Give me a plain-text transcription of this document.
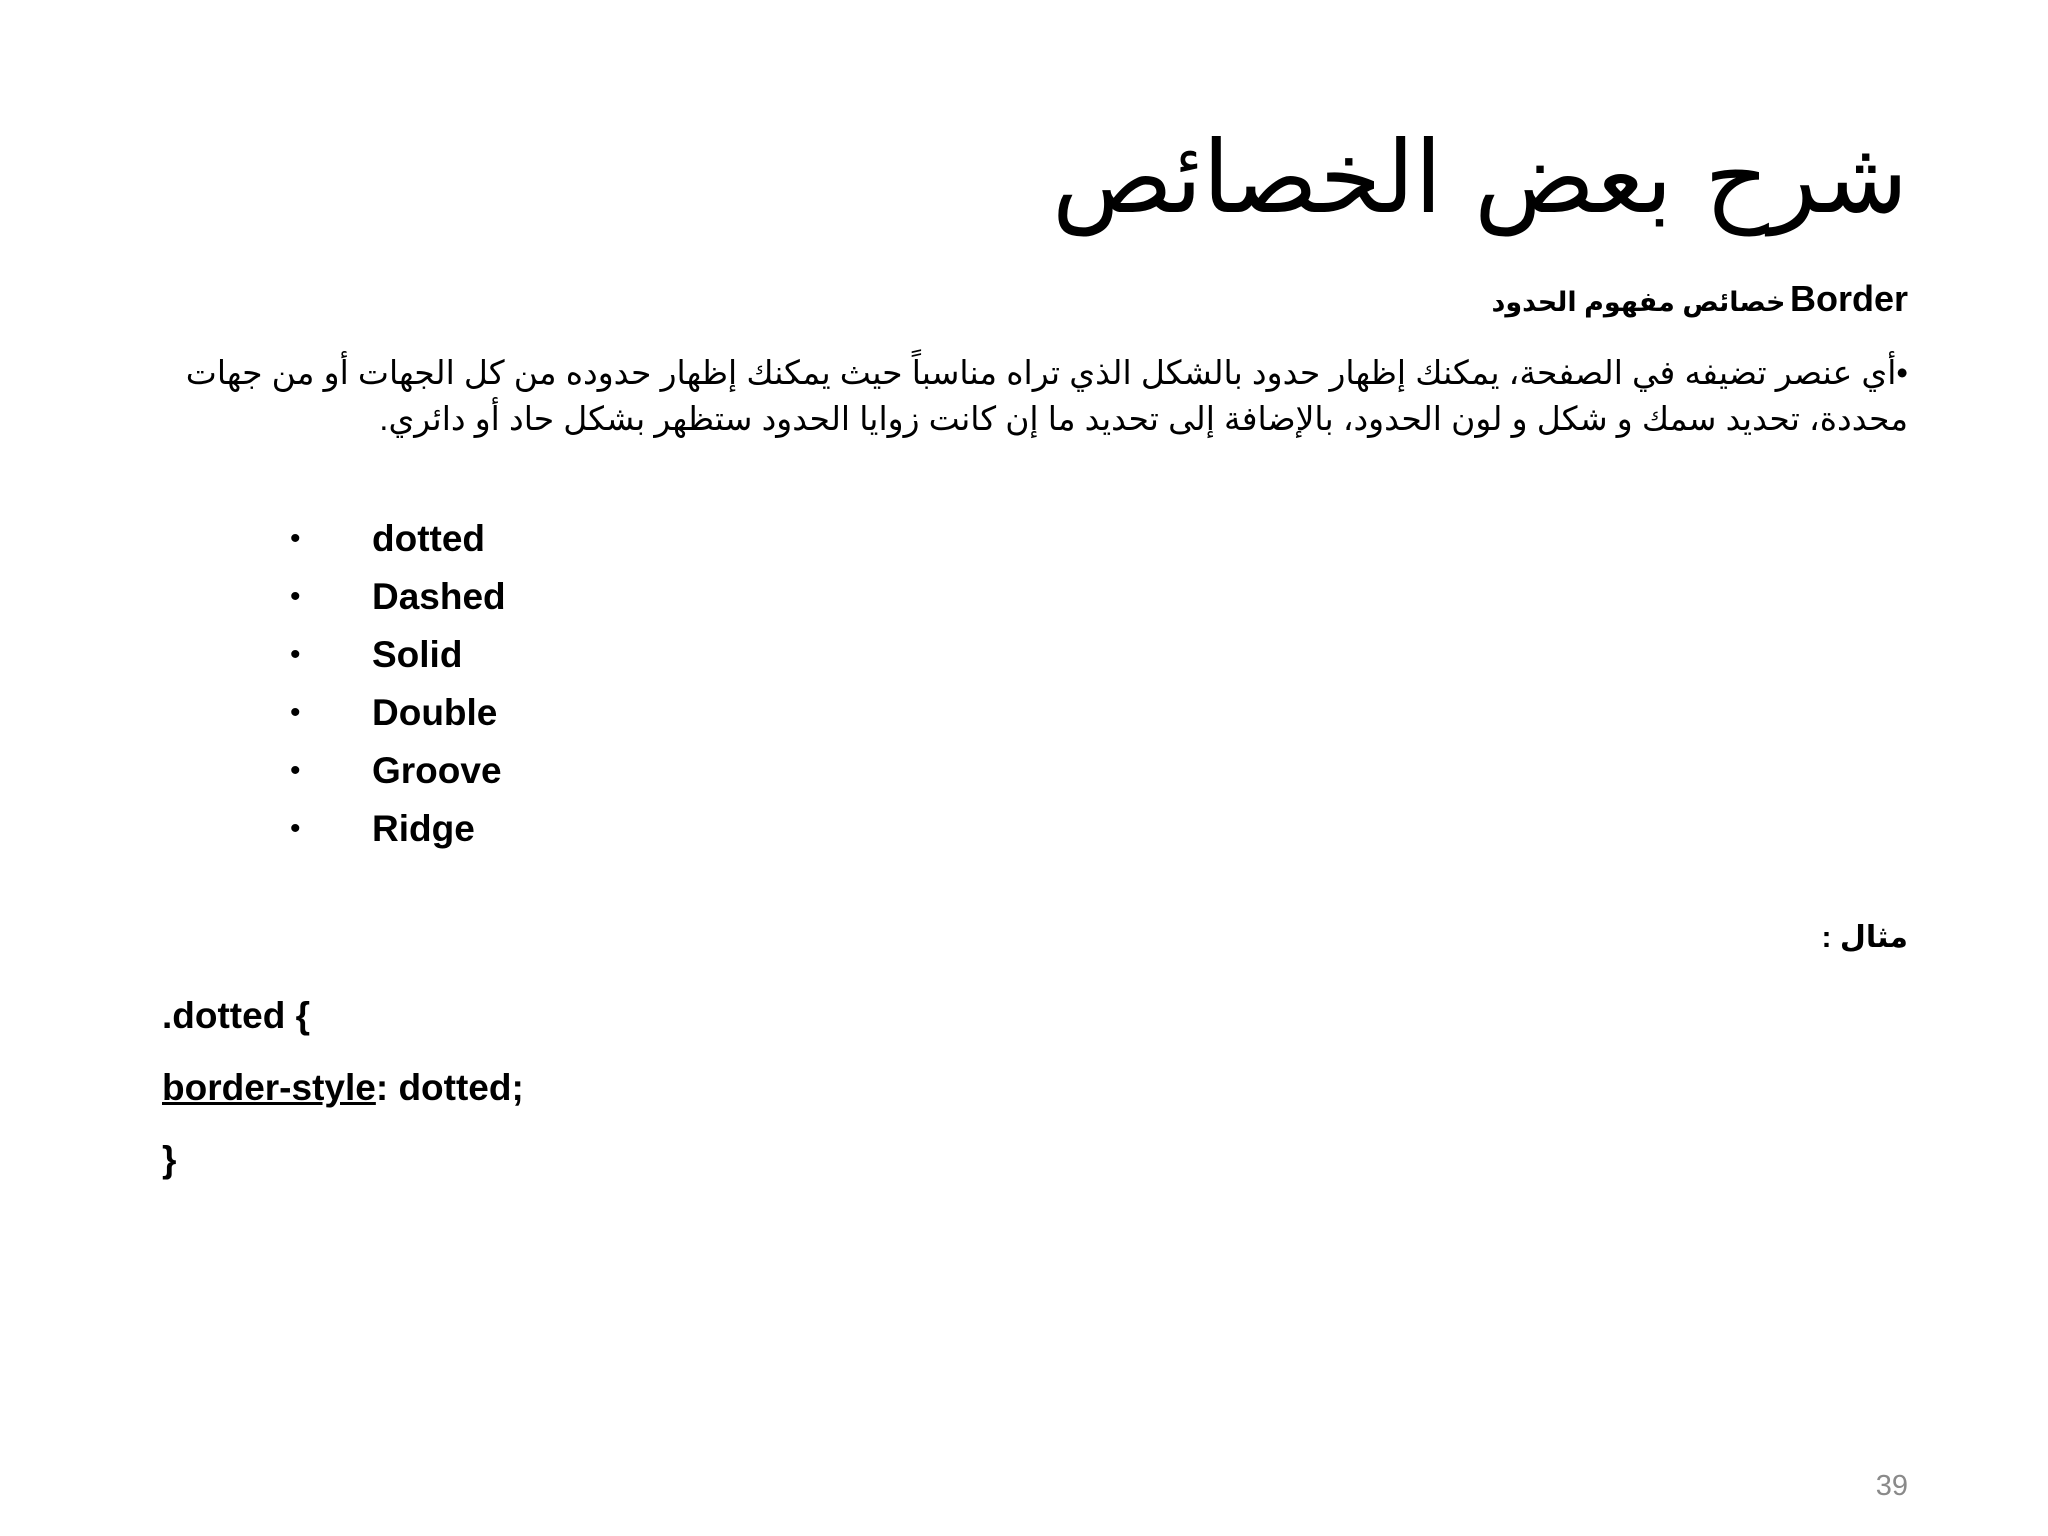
شرح بعض الخصائص
Border خصائص مفهوم الحدود

•أي عنصر تضيفه في الصفحة، يمكنك إظهار حدود بالشكل الذي تراه مناسباً حيث يمكنك إظهار حدوده من كل الجهات أو من جهات محددة، تحديد سمك و شكل و لون الحدود، بالإضافة إلى تحديد ما إن كانت زوايا الحدود ستظهر بشكل حاد أو دائري.

•	dotted
•	Dashed
•	Solid
•	Double
•	Groove
•	Ridge

مثال :

.dotted {
border-style: dotted;
}

39
